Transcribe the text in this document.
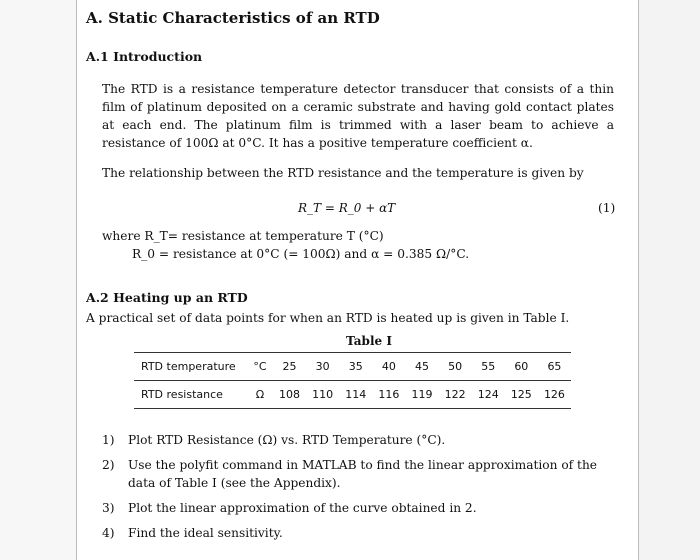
A. Static Characteristics of an RTD
A.1 Introduction
The RTD is a resistance temperature detector transducer that consists of a thin film of platinum deposited on a ceramic substrate and having gold contact plates at each end. The platinum film is trimmed with a laser beam to achieve a resistance of 100Ω at 0°C. It has a positive temperature coefficient α.
The relationship between the RTD resistance and the temperature is given by
R_T = R_0 + αT	(1)
where R_T= resistance at temperature T (°C)
R_0 = resistance at 0°C (= 100Ω) and α = 0.385 Ω/°C.
A.2 Heating up an RTD
A practical set of data points for when an RTD is heated up is given in Table I.
Table I
RTD temperature	°C	25	30	35	40	45	50	55	60	65
RTD resistance	Ω	108	110	114	116	119	122	124	125	126
1) Plot RTD Resistance (Ω) vs. RTD Temperature (°C).
2) Use the polyfit command in MATLAB to find the linear approximation of the data of Table I (see the Appendix).
3) Plot the linear approximation of the curve obtained in 2.
4) Find the ideal sensitivity.
